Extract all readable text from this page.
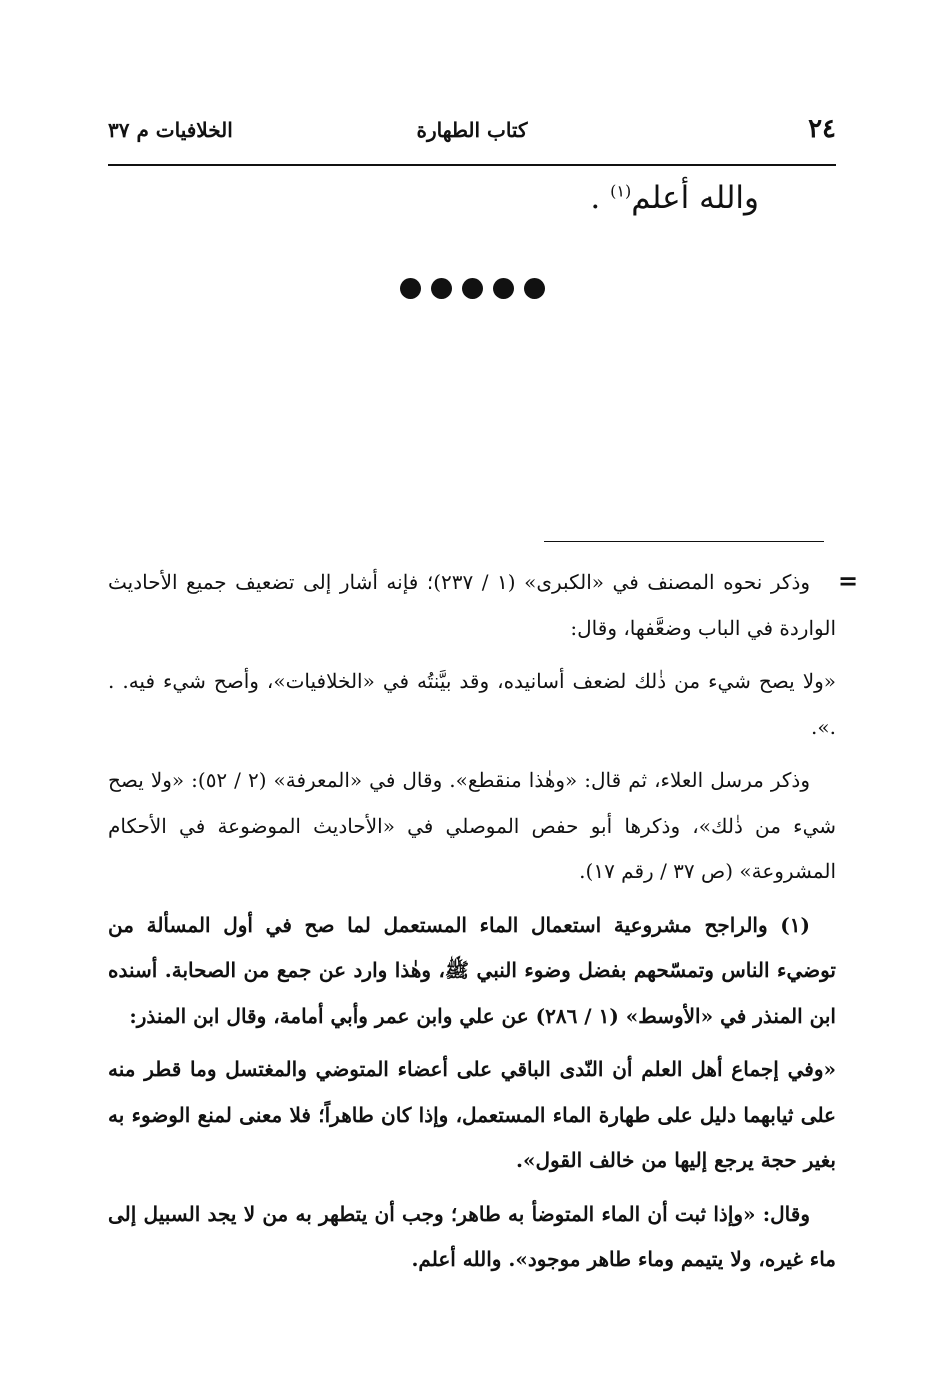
٢٤
كتاب الطهارة
الخلافيات م ٣٧
والله أعلم$^{(١)}$ .
=

وذكر نحوه المصنف في «الكبرى» (١ / ٢٣٧)؛ فإنه أشار إلى تضعيف جميع الأحاديث الواردة في الباب وضعَّفها، وقال:

«ولا يصح شيء من ذٰلك لضعف أسانيده، وقد بيَّنتُه في «الخلافيات»، وأصح شيء فيه. . .».

وذكر مرسل العلاء، ثم قال: «وهٰذا منقطع». وقال في «المعرفة» (٢ / ٥٢): «ولا يصح شيء من ذٰلك»، وذكرها أبو حفص الموصلي في «الأحاديث الموضوعة في الأحكام المشروعة» (ص ٣٧ / رقم ١٧).

(١) والراجح مشروعية استعمال الماء المستعمل لما صح في أول المسألة من توضيء الناس وتمسّحهم بفضل وضوء النبي ﷺ، وهٰذا وارد عن جمع من الصحابة. أسنده ابن المنذر في «الأوسط» (١ / ٢٨٦) عن علي وابن عمر وأبي أمامة، وقال ابن المنذر:

«وفي إجماع أهل العلم أن النّدى الباقي على أعضاء المتوضي والمغتسل وما قطر منه على ثيابهما دليل على طهارة الماء المستعمل، وإذا كان طاهراً؛ فلا معنى لمنع الوضوء به بغير حجة يرجع إليها من خالف القول».

وقال: «وإذا ثبت أن الماء المتوضأ به طاهر؛ وجب أن يتطهر به من لا يجد السبيل إلى ماء غيره، ولا يتيمم وماء طاهر موجود». والله أعلم.
